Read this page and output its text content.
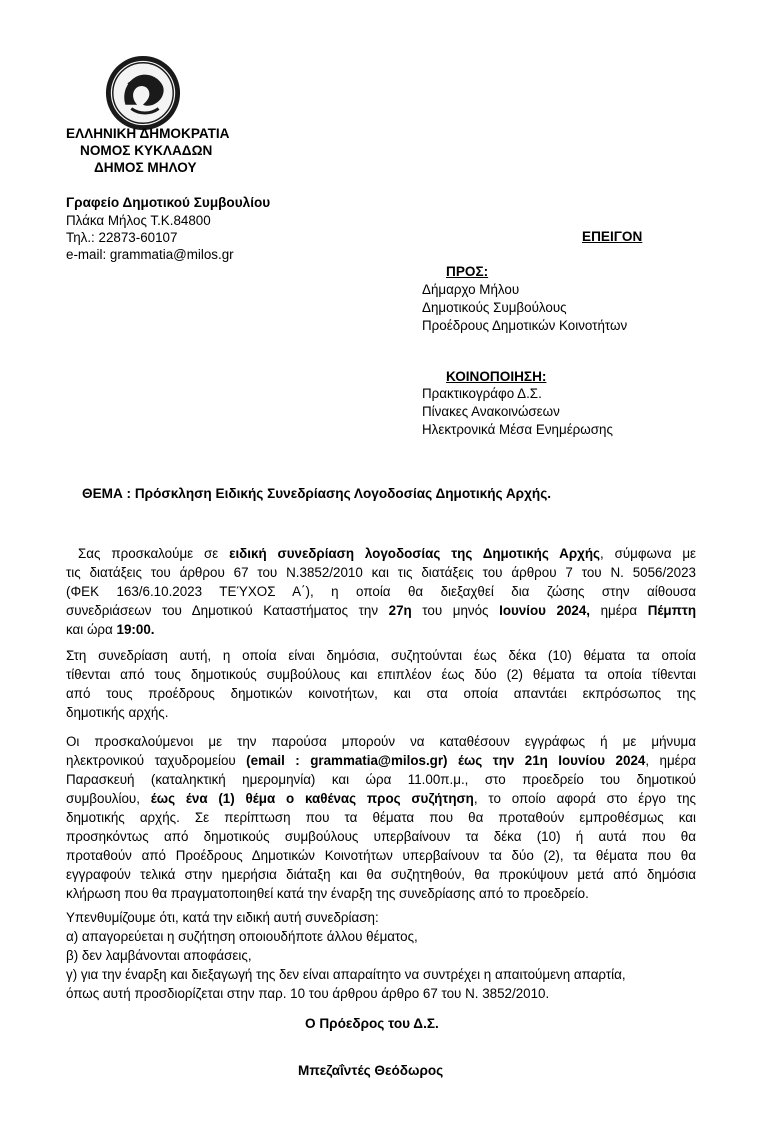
ΕΛΛΗΝΙΚΗ ΔΗΜΟΚΡΑΤΙΑ
ΝΟΜΟΣ ΚΥΚΛΑΔΩΝ
ΔΗΜΟΣ ΜΗΛΟΥ
Γραφείο Δημοτικού Συμβουλίου
Πλάκα Μήλος Τ.Κ.84800
Τηλ.: 22873-60107
e-mail: grammatia@milos.gr
ΕΠΕΙΓΟΝ
ΠΡΟΣ:
Δήμαρχο Μήλου
Δημοτικούς Συμβούλους
Προέδρους Δημοτικών Κοινοτήτων
ΚΟΙΝΟΠΟΙΗΣΗ:
Πρακτικογράφο Δ.Σ.
Πίνακες Ανακοινώσεων
Ηλεκτρονικά Μέσα Ενημέρωσης
ΘΕΜΑ : Πρόσκληση Ειδικής Συνεδρίασης Λογοδοσίας Δημοτικής Αρχής.
Σας προσκαλούμε σε ειδική συνεδρίαση λογοδοσίας της Δημοτικής Αρχής, σύμφωνα με
τις διατάξεις του άρθρου 67 του Ν.3852/2010 και τις διατάξεις του άρθρου 7 του Ν. 5056/2023
(ΦΕΚ 163/6.10.2023 ΤΕΎΧΟΣ Α΄), η οποία θα διεξαχθεί δια ζώσης στην αίθουσα
συνεδριάσεων του Δημοτικού Καταστήματος την 27η του μηνός Ιουνίου 2024, ημέρα Πέμπτη
και ώρα 19:00.
Στη συνεδρίαση αυτή, η οποία είναι δημόσια, συζητούνται έως δέκα (10) θέματα τα οποία
τίθενται από τους δημοτικούς συμβούλους και επιπλέον έως δύο (2) θέματα τα οποία τίθενται
από τους προέδρους δημοτικών κοινοτήτων, και στα οποία απαντάει εκπρόσωπος της
δημοτικής αρχής.
Οι προσκαλούμενοι με την παρούσα μπορούν να καταθέσουν εγγράφως ή με μήνυμα
ηλεκτρονικού ταχυδρομείου (email : grammatia@milos.gr) έως την 21η Ιουνίου 2024, ημέρα
Παρασκευή (καταληκτική ημερομηνία) και ώρα 11.00π.μ., στο προεδρείο του δημοτικού
συμβουλίου, έως ένα (1) θέμα ο καθένας προς συζήτηση, το οποίο αφορά στο έργο της
δημοτικής αρχής. Σε περίπτωση που τα θέματα που θα προταθούν εμπροθέσμως και
προσηκόντως από δημοτικούς συμβούλους υπερβαίνουν τα δέκα (10) ή αυτά που θα
προταθούν από Προέδρους Δημοτικών Κοινοτήτων υπερβαίνουν τα δύο (2), τα θέματα που θα
εγγραφούν τελικά στην ημερήσια διάταξη και θα συζητηθούν, θα προκύψουν μετά από δημόσια
κλήρωση που θα πραγματοποιηθεί κατά την έναρξη της συνεδρίασης από το προεδρείο.
Υπενθυμίζουμε ότι, κατά την ειδική αυτή συνεδρίαση:
α) απαγορεύεται η συζήτηση οποιουδήποτε άλλου θέματος,
β) δεν λαμβάνονται αποφάσεις,
γ) για την έναρξη και διεξαγωγή της δεν είναι απαραίτητο να συντρέχει η απαιτούμενη απαρτία,
όπως αυτή προσδιορίζεται στην παρ. 10 του άρθρου άρθρο 67 του Ν. 3852/2010.
Ο Πρόεδρος του Δ.Σ.
Μπεζαΐντές Θεόδωρος
